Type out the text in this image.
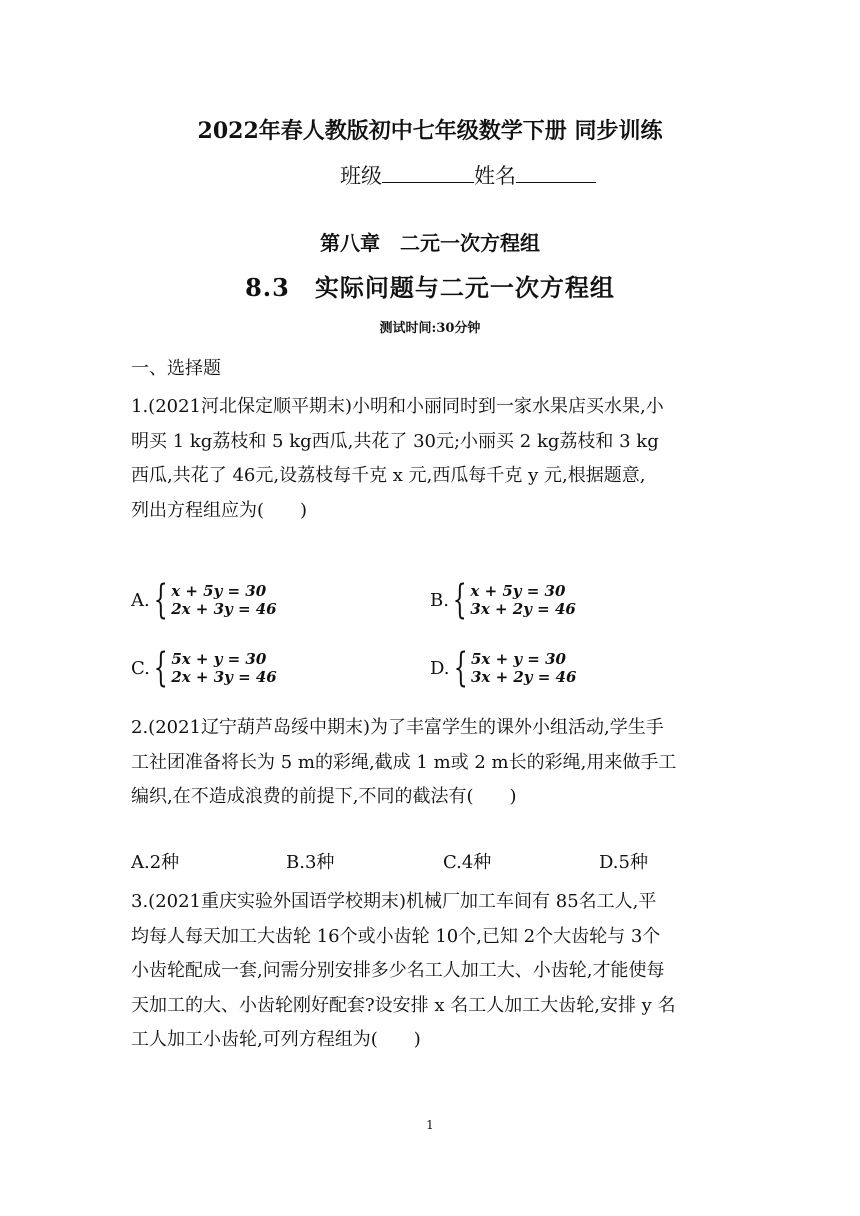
2022年春人教版初中七年级数学下册 同步训练
班级	姓名
第八章　二元一次方程组
8.3　实际问题与二元一次方程组
测试时间:30分钟
一、选择题
1.(2021河北保定顺平期末)小明和小丽同时到一家水果店买水果,小
明买 1 kg荔枝和 5 kg西瓜,共花了 30元;小丽买 2 kg荔枝和 3 kg
西瓜,共花了 46元,设荔枝每千克 x 元,西瓜每千克 y 元,根据题意,
列出方程组应为(　　)
A. { x + 5y = 30
2x + 3y = 46	B. { x + 5y = 30
3x + 2y = 46
C. { 5x + y = 30
2x + 3y = 46	D. { 5x + y = 30
3x + 2y = 46
2.(2021辽宁葫芦岛绥中期末)为了丰富学生的课外小组活动,学生手
工社团准备将长为 5 m的彩绳,截成 1 m或 2 m长的彩绳,用来做手工
编织,在不造成浪费的前提下,不同的截法有(　　)
A.2种	B.3种	C.4种	D.5种
3.(2021重庆实验外国语学校期末)机械厂加工车间有 85名工人,平
均每人每天加工大齿轮 16个或小齿轮 10个,已知 2个大齿轮与 3个
小齿轮配成一套,问需分别安排多少名工人加工大、小齿轮,才能使每
天加工的大、小齿轮刚好配套?设安排 x 名工人加工大齿轮,安排 y 名
工人加工小齿轮,可列方程组为(　　)
1
